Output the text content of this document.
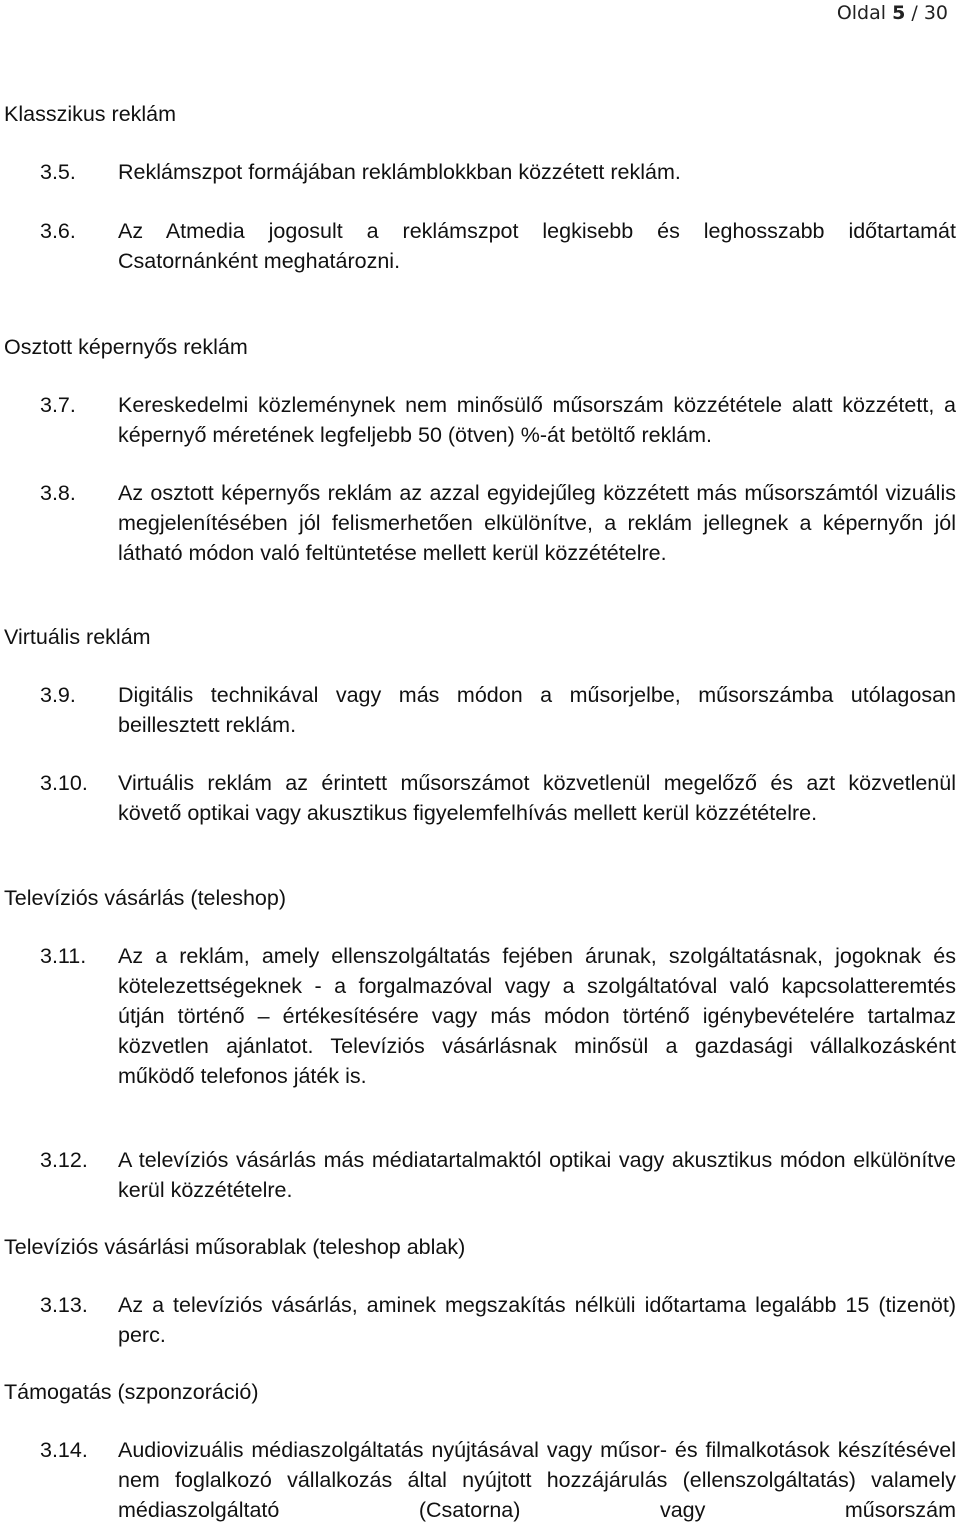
Oldal 5 / 30
Klasszikus reklám
3.5. Reklámszpot formájában reklámblokkban közzétett reklám.
3.6. Az Atmedia jogosult a reklámszpot legkisebb és leghosszabb időtartamát Csatornánként meghatározni.
Osztott képernyős reklám
3.7. Kereskedelmi közleménynek nem minősülő műsorszám közzététele alatt közzétett, a képernyő méretének legfeljebb 50 (ötven) %-át betöltő reklám.
3.8. Az osztott képernyős reklám az azzal egyidejűleg közzétett más műsorszámtól vizuális megjelenítésében jól felismerhetően elkülönítve, a reklám jellegnek a képernyőn jól látható módon való feltüntetése mellett kerül közzétételre.
Virtuális reklám
3.9. Digitális technikával vagy más módon a műsorjelbe, műsorszámba utólagosan beillesztett reklám.
3.10. Virtuális reklám az érintett műsorszámot közvetlenül megelőző és azt közvetlenül követő optikai vagy akusztikus figyelemfelhívás mellett kerül közzétételre.
Televíziós vásárlás (teleshop)
3.11. Az a reklám, amely ellenszolgáltatás fejében árunak, szolgáltatásnak, jogoknak és kötelezettségeknek - a forgalmazóval vagy a szolgáltatóval való kapcsolatteremtés útján történő – értékesítésére vagy más módon történő igénybevételére tartalmaz közvetlen ajánlatot. Televíziós vásárlásnak minősül a gazdasági vállalkozásként működő telefonos játék is.
3.12. A televíziós vásárlás más médiatartalmaktól optikai vagy akusztikus módon elkülönítve kerül közzétételre.
Televíziós vásárlási műsorablak (teleshop ablak)
3.13. Az a televíziós vásárlás, aminek megszakítás nélküli időtartama legalább 15 (tizenöt) perc.
Támogatás (szponzoráció)
3.14. Audiovizuális médiaszolgáltatás nyújtásával vagy műsor- és filmalkotások készítésével nem foglalkozó vállalkozás által nyújtott hozzájárulás (ellenszolgáltatás) valamely médiaszolgáltató (Csatorna) vagy műsorszám
